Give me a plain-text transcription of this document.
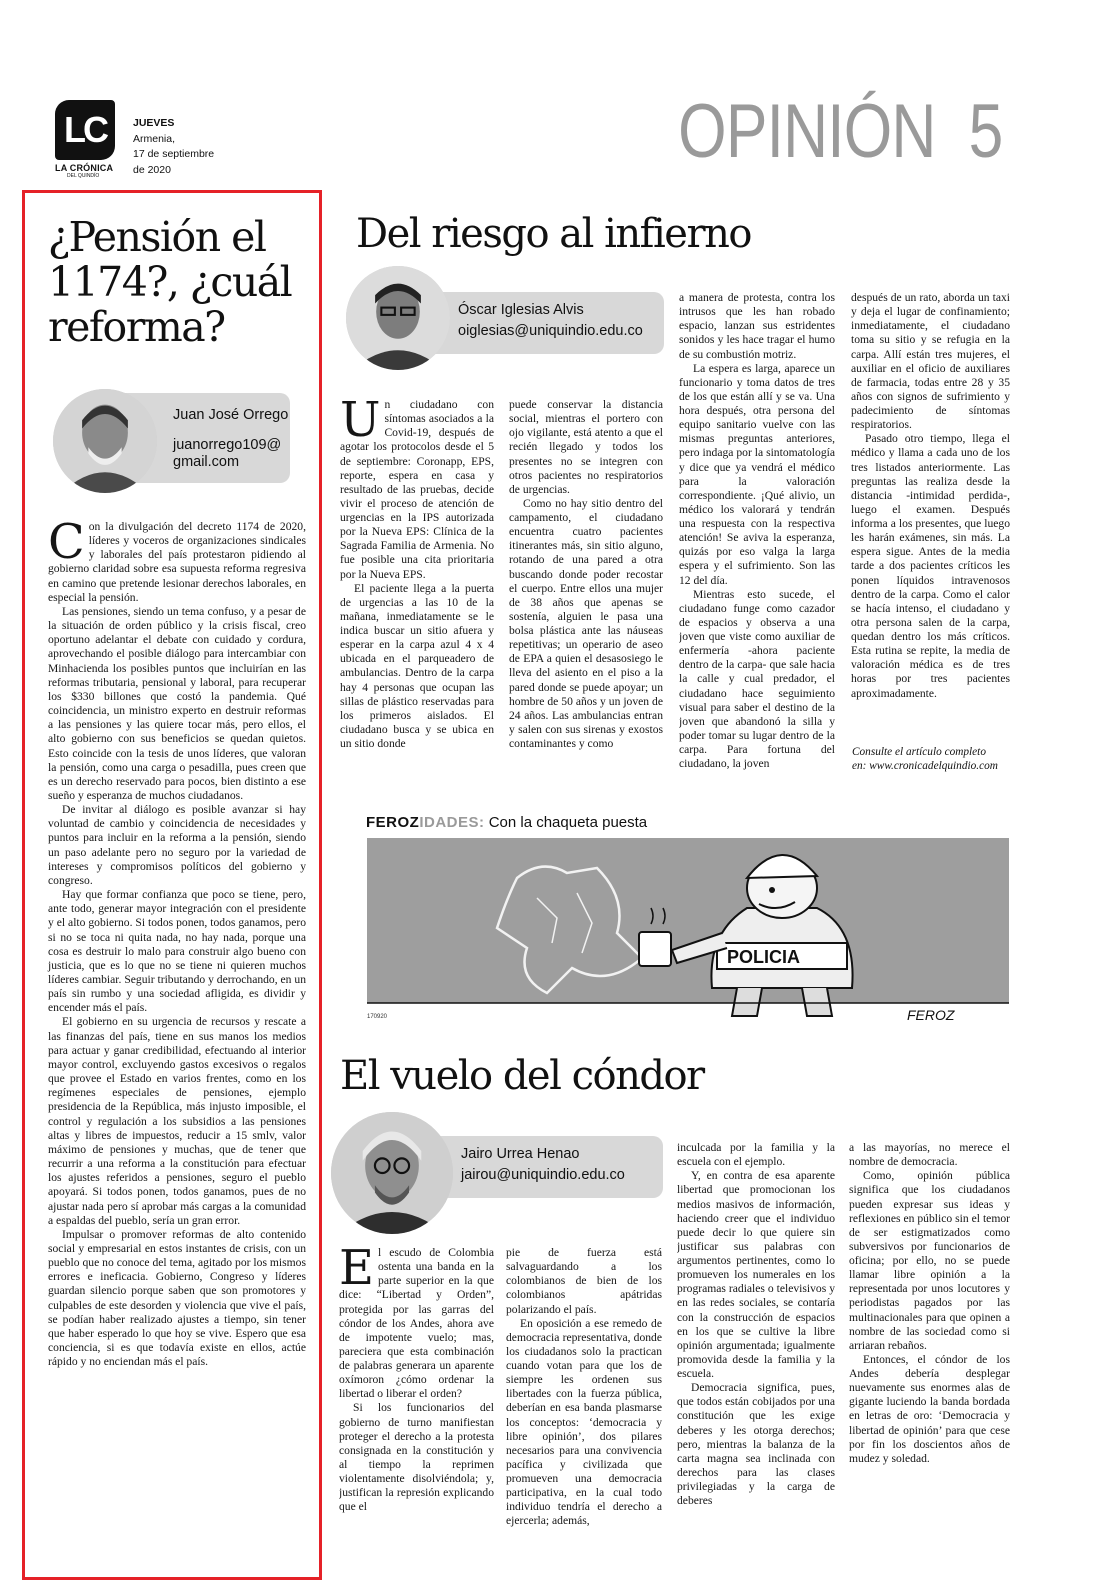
LC
LA CRÓNICA
DEL QUINDÍO
JUEVES
Armenia,
17 de septiembre
de 2020	OPINIÓN  5
¿Pensión el 1174?, ¿cuál reforma?
Juan José Orrego
juanorrego109@
gmail.com

Con la divulgación del decreto 1174 de 2020, líderes y voceros de organizaciones sindicales y laborales del país protestaron pidiendo al gobierno claridad sobre esa supuesta reforma regresiva en camino que pretende lesionar derechos laborales, en especial la pensión.

Las pensiones, siendo un tema confuso, y a pesar de la situación de orden público y la crisis fiscal, creo oportuno adelantar el debate con cuidado y cordura, aprovechando el posible diálogo para intercambiar con Minhacienda los posibles puntos que incluirían en las reformas tributaria, pensional y laboral, para recuperar los $330 billones que costó la pandemia. Qué coincidencia, un ministro experto en destruir reformas a las pensiones y las quiere tocar más, pero ellos, el alto gobierno con sus beneficios se quedan quietos. Esto coincide con la tesis de unos líderes, que valoran la pensión, como una carga o pesadilla, pues creen que es un derecho reservado para pocos, bien distinto a ese sueño y esperanza de muchos ciudadanos.

De invitar al diálogo es posible avanzar si hay voluntad de cambio y coincidencia de necesidades y puntos para incluir en la reforma a la pensión, siendo un paso adelante pero no seguro por la variedad de intereses y compromisos políticos del gobierno y congreso.

Hay que formar confianza que poco se tiene, pero, ante todo, generar mayor integración con el presidente y el alto gobierno. Si todos ponen, todos ganamos, pero si no se toca ni quita nada, no hay nada, porque una cosa es destruir lo malo para construir algo bueno con justicia, que es lo que no se tiene ni quieren muchos líderes cambiar. Seguir tributando y derrochando, en un país sin rumbo y una sociedad afligida, es dividir y encender más el país.

El gobierno en su urgencia de recursos y rescate a las finanzas del país, tiene en sus manos los medios para actuar y ganar credibilidad, efectuando al interior mayor control, excluyendo gastos excesivos o regalos que provee el Estado en varios frentes, como en los regímenes especiales de pensiones, ejemplo presidencia de la República, más injusto imposible, el control y regulación a los subsidios a las pensiones altas y libres de impuestos, reducir a 15 smlv, valor máximo de pensiones y muchas, que de tener que recurrir a una reforma a la constitución para efectuar los ajustes referidos a pensiones, seguro el pueblo apoyará. Si todos ponen, todos ganamos, pues de no ajustar nada pero sí aprobar más cargas a la comunidad a espaldas del pueblo, sería un gran error.

Impulsar o promover reformas de alto contenido social y empresarial en estos instantes de crisis, con un pueblo que no conoce del tema, agitado por los mismos errores e ineficacia. Gobierno, Congreso y líderes guardan silencio porque saben que son promotores y culpables de este desorden y violencia que vive el país, se podían haber realizado ajustes a tiempo, sin tener que haber esperado lo que hoy se vive. Espero que esa conciencia, si es que todavía existe en ellos, actúe rápido y no enciendan más el país.

Del riesgo al infierno
Óscar Iglesias Alvis
oiglesias@uniquindio.edu.co

Un ciudadano con síntomas asociados a la Covid-19, después de agotar los protocolos desde el 5 de septiembre: Coronapp, EPS, reporte, espera en casa y resultado de las pruebas, decide vivir el proceso de atención de urgencias en la IPS autorizada por la Nueva EPS: Clínica de la Sagrada Familia de Armenia. No fue posible una cita prioritaria por la Nueva EPS.

El paciente llega a la puerta de urgencias a las 10 de la mañana, inmediatamente se le indica buscar un sitio afuera y esperar en la carpa azul 4 x 4 ubicada en el parqueadero de ambulancias. Dentro de la carpa hay 4 personas que ocupan las sillas de plástico reservadas para los primeros aislados. El ciudadano busca y se ubica en un sitio donde

puede conservar la distancia social, mientras el portero con ojo vigilante, está atento a que el recién llegado y todos los presentes no se integren con otros pacientes no respiratorios de urgencias.

Como no hay sitio dentro del campamento, el ciudadano encuentra cuatro pacientes itinerantes más, sin sitio alguno, rotando de una pared a otra buscando donde poder recostar el cuerpo. Entre ellos una mujer de 38 años que apenas se sostenía, alguien le pasa una bolsa plástica ante las náuseas repetitivas; un operario de aseo de EPA a quien el desasosiego le lleva del asiento en el piso a la pared donde se puede apoyar; un hombre de 50 años y un joven de 24 años. Las ambulancias entran y salen con sus sirenas y exostos contaminantes y como

a manera de protesta, contra los intrusos que les han robado espacio, lanzan sus estridentes sonidos y les hace tragar el humo de su combustión motriz.

La espera es larga, aparece un funcionario y toma datos de tres de los que están allí y se va. Una hora después, otra persona del equipo sanitario vuelve con las mismas preguntas anteriores, pero indaga por la sintomatología y dice que ya vendrá el médico para la valoración correspondiente. ¡Qué alivio, un médico los valorará y tendrán una respuesta con la respectiva atención! Se aviva la esperanza, quizás por eso valga la larga espera y el sufrimiento. Son las 12 del día.

Mientras esto sucede, el ciudadano funge como cazador de espacios y observa a una joven que viste como auxiliar de enfermería -ahora paciente dentro de la carpa- que sale hacia la calle y cual predador, el ciudadano hace seguimiento visual para saber el destino de la joven que abandonó la silla y poder tomar su lugar dentro de la carpa. Para fortuna del ciudadano, la joven

después de un rato, aborda un taxi y deja el lugar de confinamiento; inmediatamente, el ciudadano toma su sitio y se refugia en la carpa. Allí están tres mujeres, el auxiliar en el oficio de auxiliares de farmacia, todas entre 28 y 35 años con signos de sufrimiento y padecimiento de síntomas respiratorios.

Pasado otro tiempo, llega el médico y llama a cada uno de los tres listados anteriormente. Las preguntas las realiza desde la distancia -intimidad perdida-, luego el examen. Después informa a los presentes, que luego les harán exámenes, sin más. La espera sigue. Antes de la media tarde a dos pacientes críticos les ponen líquidos intravenosos dentro de la carpa. Como el calor se hacía intenso, el ciudadano y otra persona salen de la carpa, quedan dentro los más críticos. Esta rutina se repite, la media de valoración médica es de tres horas por tres pacientes aproximadamente.

Consulte el artículo completo
en: www.cronicadelquindio.com
FEROZIDADES: Con la chaqueta puesta
POLICIA
170920	FEROZ
El vuelo del cóndor
Jairo Urrea Henao
jairou@uniquindio.edu.co

El escudo de Colombia ostenta una banda en la parte superior en la que dice: “Libertad y Orden”, protegida por las garras del cóndor de los Andes, ahora ave de impotente vuelo; mas, pareciera que esta combinación de palabras generara un aparente oxímoron ¿cómo ordenar la libertad o liberar el orden?

Si los funcionarios del gobierno de turno manifiestan proteger el derecho a la protesta consignada en la constitución y al tiempo la reprimen violentamente disolviéndola; y, justifican la represión explicando que el

pie de fuerza está salvaguardando a los colombianos de bien de los colombianos apátridas polarizando el país.

En oposición a ese remedo de democracia representativa, donde los ciudadanos solo la practican cuando votan para que los de siempre les ordenen sus libertades con la fuerza pública, deberían en esa banda plasmarse los conceptos: ‘democracia y libre opinión’, dos pilares necesarios para una convivencia pacífica y civilizada que promueven una democracia participativa, en la cual todo individuo tendría el derecho a ejercerla; además,

inculcada por la familia y la escuela con el ejemplo.

Y, en contra de esa aparente libertad que promocionan los medios masivos de información, haciendo creer que el individuo puede decir lo que quiere sin justificar sus palabras con argumentos pertinentes, como lo promueven los numerales en los programas radiales o televisivos y en las redes sociales, se contaría con la construcción de espacios en los que se cultive la libre opinión argumentada; igualmente promovida desde la familia y la escuela.

Democracia significa, pues, que todos están cobijados por una constitución que les exige deberes y les otorga derechos; pero, mientras la balanza de la carta magna sea inclinada con derechos para las clases privilegiadas y la carga de deberes

a las mayorías, no merece el nombre de democracia.

Como, opinión pública significa que los ciudadanos pueden expresar sus ideas y reflexiones en público sin el temor de ser estigmatizados como subversivos por funcionarios de oficina; por ello, no se puede llamar libre opinión a la representada por unos locutores y periodistas pagados por las multinacionales para que opinen a nombre de las sociedad como si arriaran rebaños.

Entonces, el cóndor de los Andes debería desplegar nuevamente sus enormes alas de gigante luciendo la banda bordada en letras de oro: ‘Democracia y libertad de opinión’ para que cese por fin los doscientos años de mudez y soledad.
